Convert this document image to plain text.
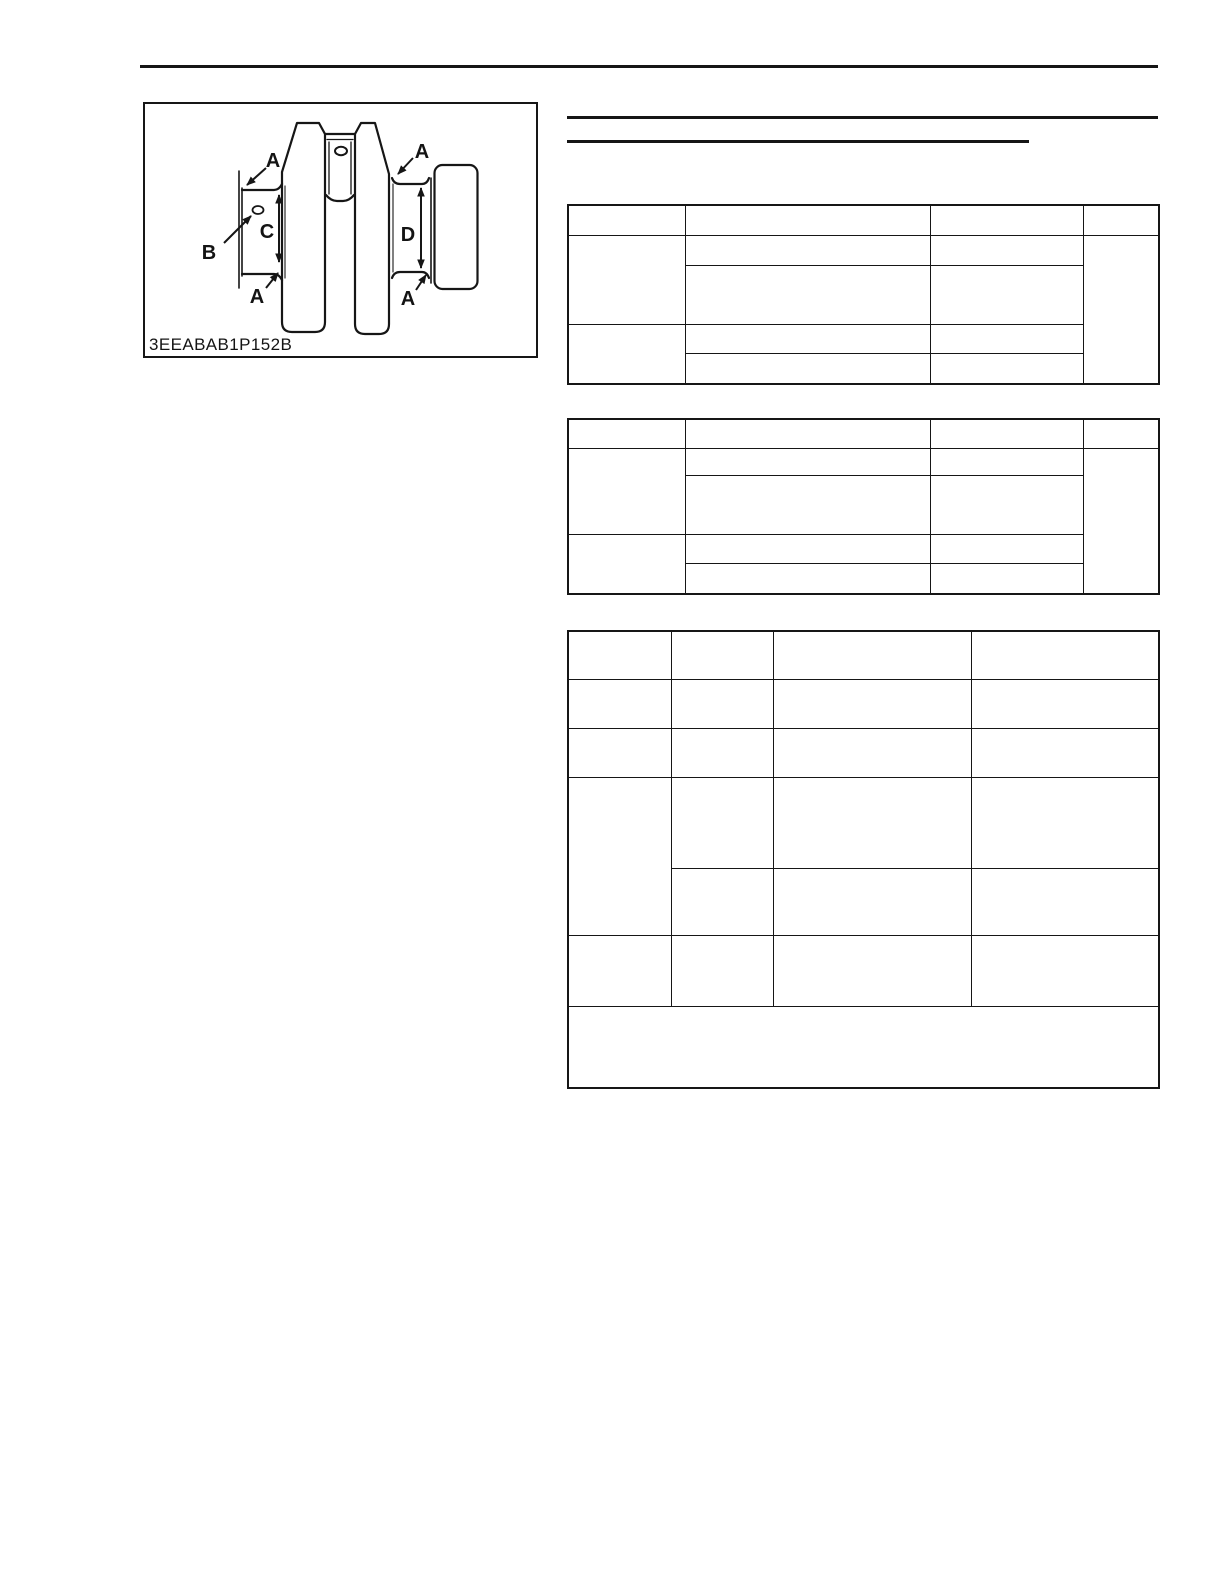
A	A
A	A
B
C	D
3EEABAB1P152B
